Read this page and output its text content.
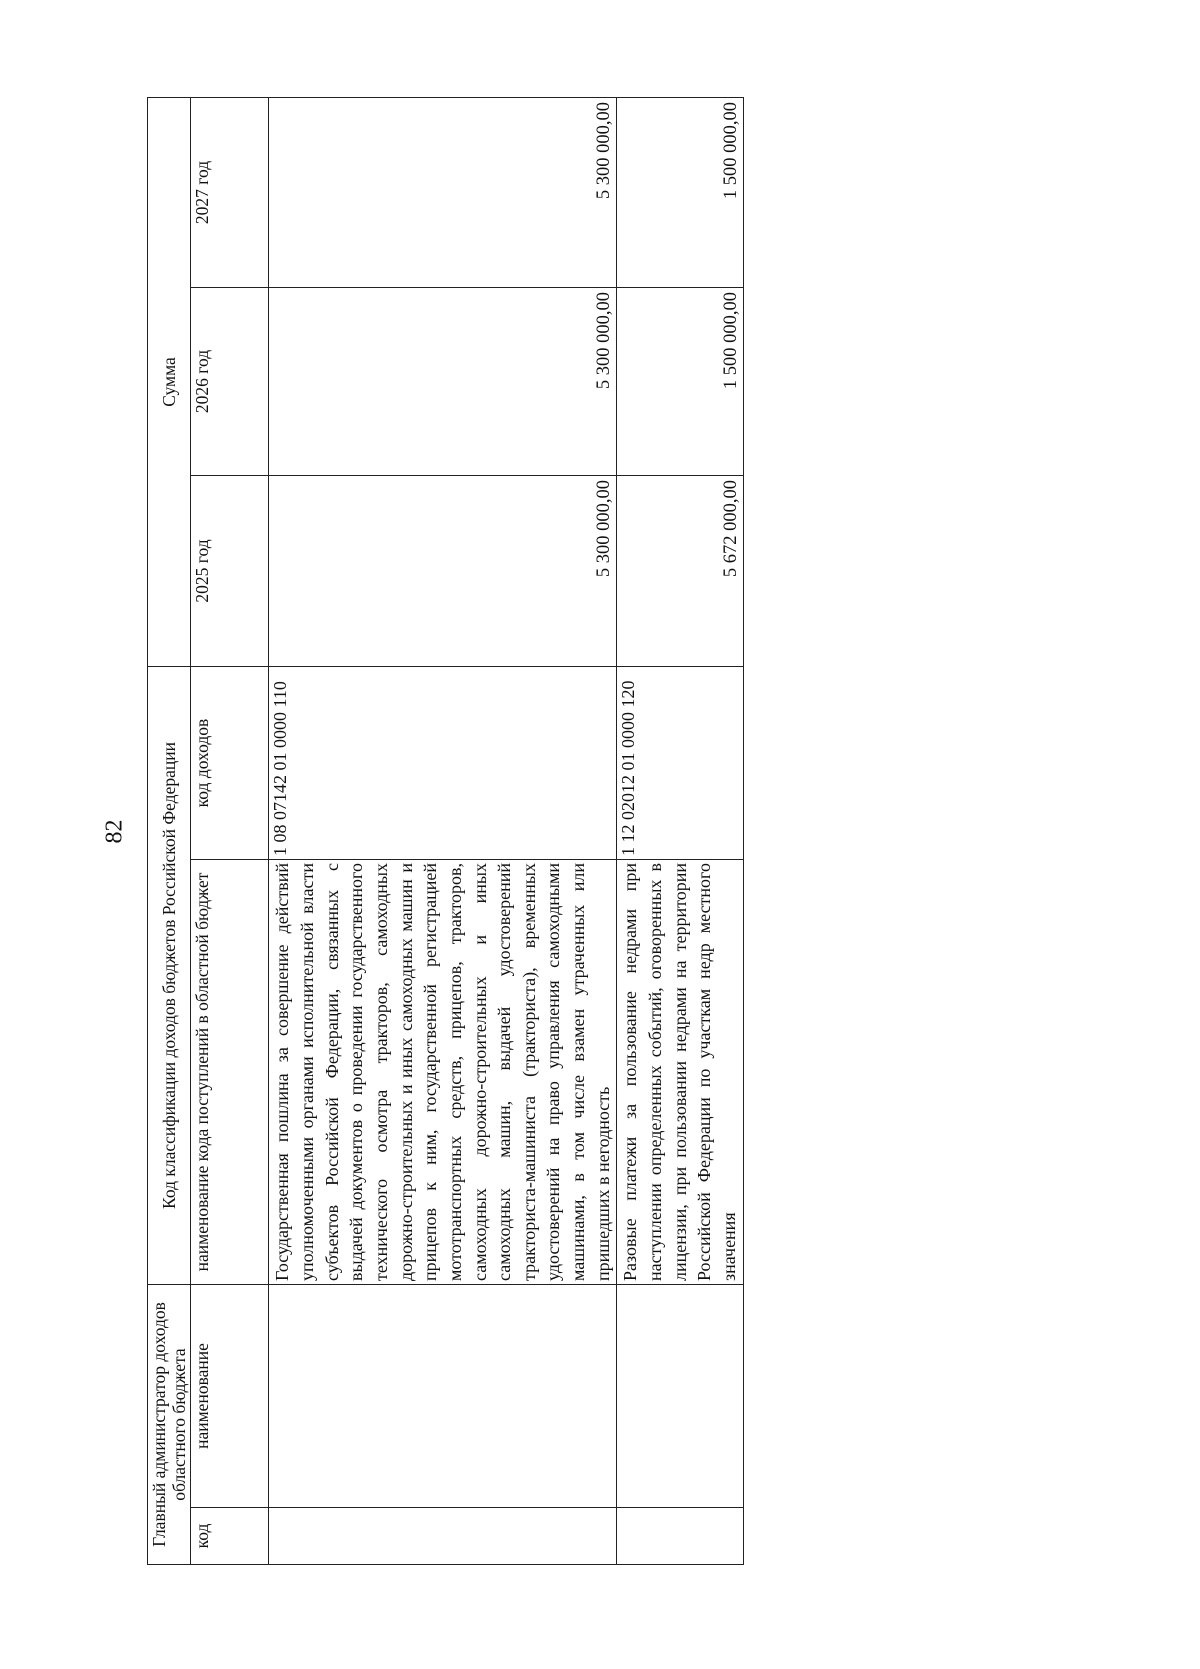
82
Главный администратор доходов областного бюджета		Код классификации доходов бюджетов Российской Федерации		Сумма		
код	наименование	наименование кода поступлений в областной бюджет	код доходов	2025 год	2026 год	2027 год
		Государственная пошлина за совершение действий уполномоченными органами исполнительной власти субъектов Российской Федерации, связанных с выдачей документов о проведении государственного технического осмотра тракторов, самоходных дорожно-строительных и иных самоходных машин и прицепов к ним, государственной регистрацией мототранспортных средств, прицепов, тракторов, самоходных дорожно-строительных и иных самоходных машин, выдачей удостоверений тракториста-машиниста (тракториста), временных удостоверений на право управления самоходными машинами, в том числе взамен утраченных или пришедших в негодность	1 08 07142 01 0000 110	5 300 000,00	5 300 000,00	5 300 000,00
		Разовые платежи за пользование недрами при наступлении определенных событий, оговоренных в лицензии, при пользовании недрами на территории Российской Федерации по участкам недр местного значения	1 12 02012 01 0000 120	5 672 000,00	1 500 000,00	1 500 000,00
